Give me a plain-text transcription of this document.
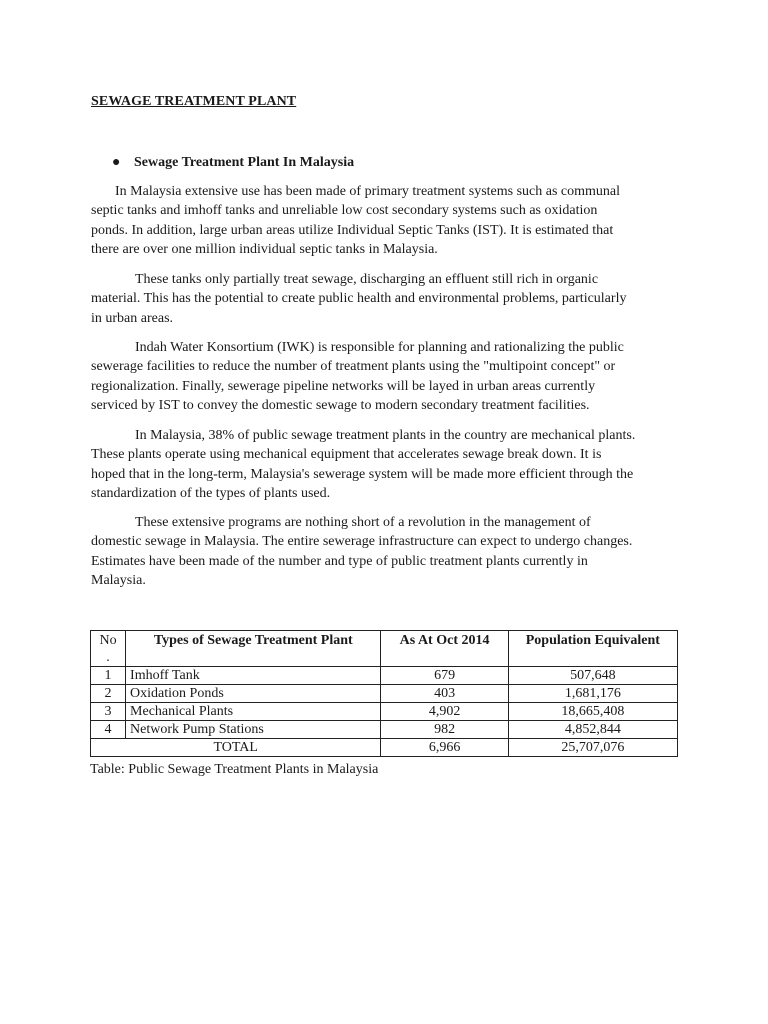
SEWAGE TREATMENT PLANT
● Sewage Treatment Plant In Malaysia
In Malaysia extensive use has been made of primary treatment systems such as communal
septic tanks and imhoff tanks and unreliable low cost secondary systems such as oxidation
ponds. In addition, large urban areas utilize Individual Septic Tanks (IST). It is estimated that
there are over one million individual septic tanks in Malaysia.
These tanks only partially treat sewage, discharging an effluent still rich in organic
material. This has the potential to create public health and environmental problems, particularly
in urban areas.
Indah Water Konsortium (IWK) is responsible for planning and rationalizing the public
sewerage facilities to reduce the number of treatment plants using the "multipoint concept" or
regionalization. Finally, sewerage pipeline networks will be layed in urban areas currently
serviced by IST to convey the domestic sewage to modern secondary treatment facilities.
In Malaysia, 38% of public sewage treatment plants in the country are mechanical plants.
These plants operate using mechanical equipment that accelerates sewage break down. It is
hoped that in the long-term, Malaysia's sewerage system will be made more efficient through the
standardization of the types of plants used.
These extensive programs are nothing short of a revolution in the management of
domestic sewage in Malaysia. The entire sewerage infrastructure can expect to undergo changes.
Estimates have been made of the number and type of public treatment plants currently in
Malaysia.
No
.	Types of Sewage Treatment Plant	As At Oct 2014	Population Equivalent
1	Imhoff Tank	679	507,648
2	Oxidation Ponds	403	1,681,176
3	Mechanical Plants	4,902	18,665,408
4	Network Pump Stations	982	4,852,844
TOTAL		6,966	25,707,076
Table: Public Sewage Treatment Plants in Malaysia
